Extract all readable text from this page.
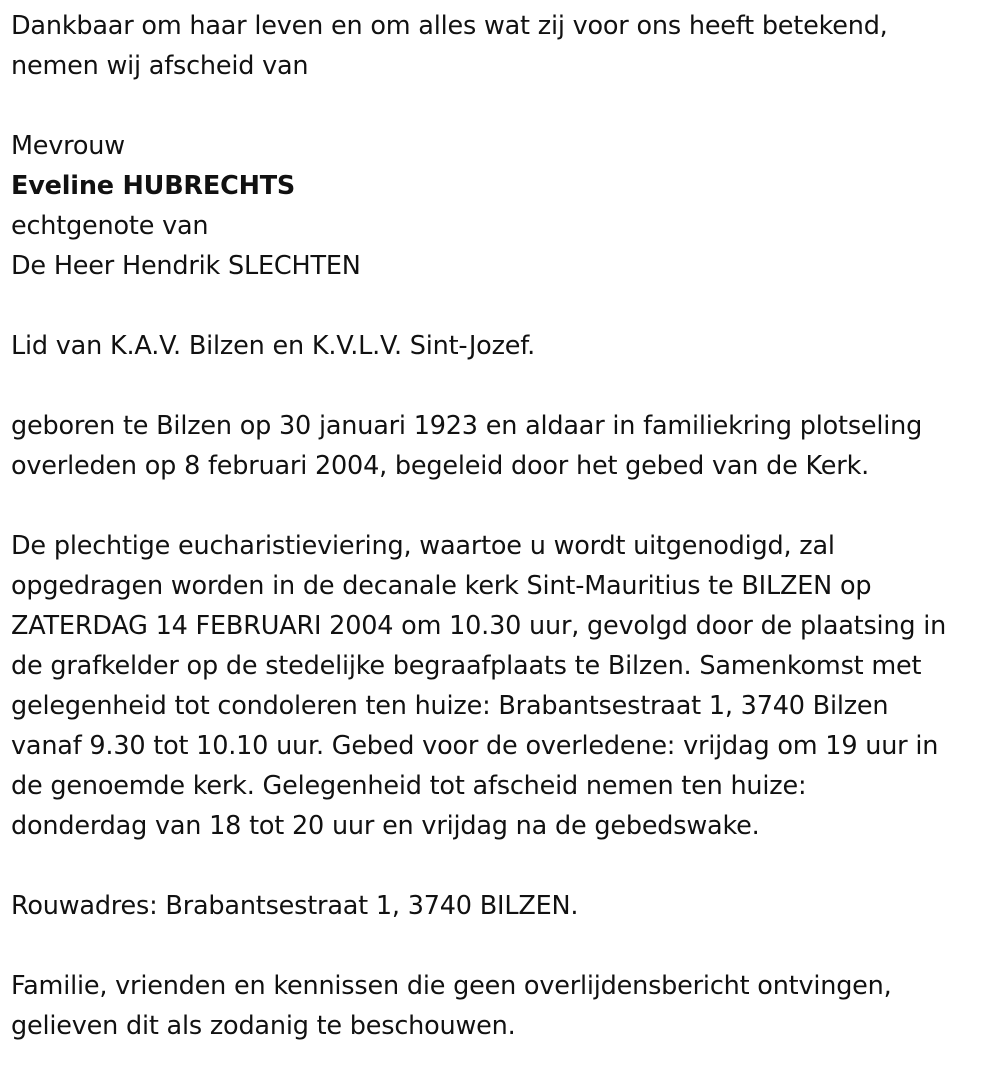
Dankbaar om haar leven en om alles wat zij voor ons heeft betekend,
nemen wij afscheid van
Mevrouw
Eveline HUBRECHTS
echtgenote van
De Heer Hendrik SLECHTEN
Lid van K.A.V. Bilzen en K.V.L.V. Sint-Jozef.
geboren te Bilzen op 30 januari 1923 en aldaar in familiekring plotseling
overleden op 8 februari 2004, begeleid door het gebed van de Kerk.
De plechtige eucharistieviering, waartoe u wordt uitgenodigd, zal
opgedragen worden in de decanale kerk Sint-Mauritius te BILZEN op
ZATERDAG 14 FEBRUARI 2004 om 10.30 uur, gevolgd door de plaatsing in
de grafkelder op de stedelijke begraafplaats te Bilzen. Samenkomst met
gelegenheid tot condoleren ten huize: Brabantsestraat 1, 3740 Bilzen
vanaf 9.30 tot 10.10 uur. Gebed voor de overledene: vrijdag om 19 uur in
de genoemde kerk. Gelegenheid tot afscheid nemen ten huize:
donderdag van 18 tot 20 uur en vrijdag na de gebedswake.
Rouwadres: Brabantsestraat 1, 3740 BILZEN.
Familie, vrienden en kennissen die geen overlijdensbericht ontvingen,
gelieven dit als zodanig te beschouwen.
